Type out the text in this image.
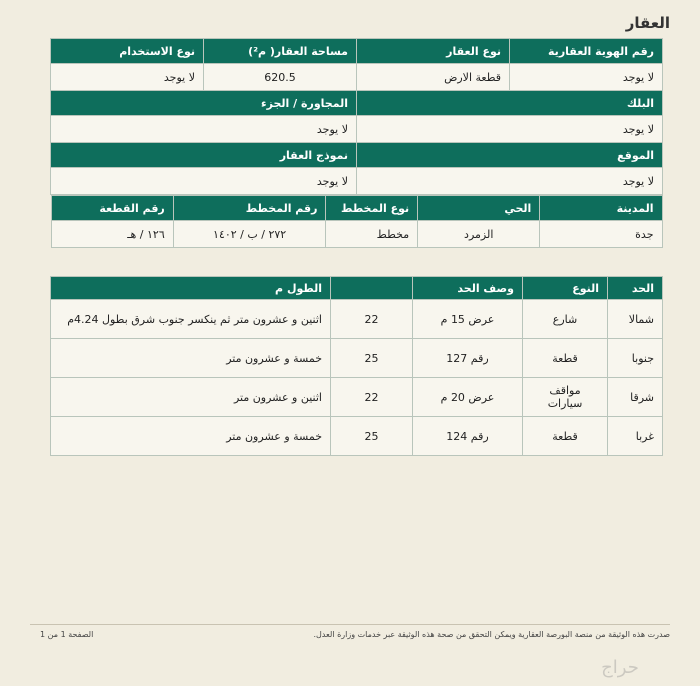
العقار
رقم الهوية العقارية	نوع العقار	مساحة العقار( م²)	نوع الاستخدام
لا يوجد	قطعة الارض	620.5	لا يوجد
البلك	المجاورة / الجزء
لا يوجد	لا يوجد
الموقع	نموذج العقار
لا يوجد	لا يوجد

المدينة	الحي	نوع المخطط	رقم المخطط	رقم القطعة
جدة	الزمرد	مخطط	٢٧٢ / ب / ١٤٠٢	١٢٦ / هـ
الحد	النوع	وصف الحد		الطول م
شمالا	شارع	عرض 15 م	22	اثنين و عشرون متر ثم ينكسر جنوب شرق بطول 4.24م
جنوبا	قطعة	رقم 127	25	خمسة و عشرون متر
شرقا	مواقف سيارات	عرض 20 م	22	اثنين و عشرون متر
غربا	قطعة	رقم 124	25	خمسة و عشرون متر
صدرت هذه الوثيقة من منصة البورصة العقارية ويمكن التحقق من صحة هذه الوثيقة عبر خدمات وزارة العدل.
الصفحة 1 من 1
حراج
